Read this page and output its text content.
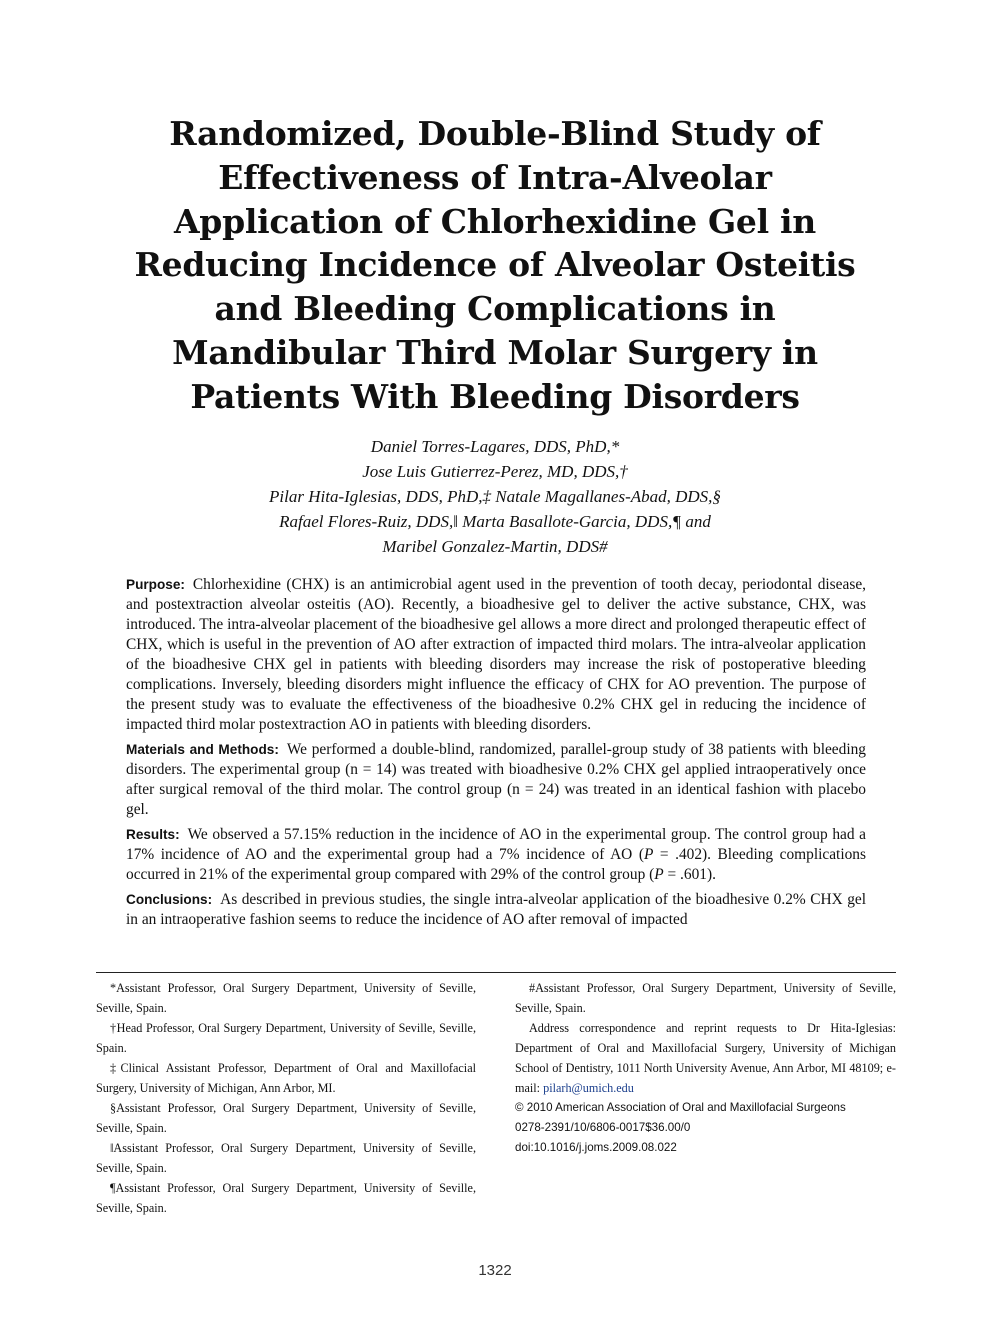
Randomized, Double-Blind Study of
Effectiveness of Intra-Alveolar
Application of Chlorhexidine Gel in
Reducing Incidence of Alveolar Osteitis
and Bleeding Complications in
Mandibular Third Molar Surgery in
Patients With Bleeding Disorders
Daniel Torres-Lagares, DDS, PhD,*
Jose Luis Gutierrez-Perez, MD, DDS,†
Pilar Hita-Iglesias, DDS, PhD,‡ Natale Magallanes-Abad, DDS,§
Rafael Flores-Ruiz, DDS,‖ Marta Basallote-Garcia, DDS,¶ and
Maribel Gonzalez-Martin, DDS#

Purpose: Chlorhexidine (CHX) is an antimicrobial agent used in the prevention of tooth decay, periodontal disease, and postextraction alveolar osteitis (AO). Recently, a bioadhesive gel to deliver the active substance, CHX, was introduced. The intra-alveolar placement of the bioadhesive gel allows a more direct and prolonged therapeutic effect of CHX, which is useful in the prevention of AO after extraction of impacted third molars. The intra-alveolar application of the bioadhesive CHX gel in patients with bleeding disorders may increase the risk of postoperative bleeding complications. Inversely, bleeding disorders might influence the efficacy of CHX for AO prevention. The purpose of the present study was to evaluate the effectiveness of the bioadhesive 0.2% CHX gel in reducing the incidence of impacted third molar postextraction AO in patients with bleeding disorders.

Materials and Methods: We performed a double-blind, randomized, parallel-group study of 38 patients with bleeding disorders. The experimental group (n = 14) was treated with bioadhesive 0.2% CHX gel applied intraoperatively once after surgical removal of the third molar. The control group (n = 24) was treated in an identical fashion with placebo gel.

Results: We observed a 57.15% reduction in the incidence of AO in the experimental group. The control group had a 17% incidence of AO and the experimental group had a 7% incidence of AO (P = .402). Bleeding complications occurred in 21% of the experimental group compared with 29% of the control group (P = .601).

Conclusions: As described in previous studies, the single intra-alveolar application of the bioadhesive 0.2% CHX gel in an intraoperative fashion seems to reduce the incidence of AO after removal of impacted

*Assistant Professor, Oral Surgery Department, University of Seville, Seville, Spain.

†Head Professor, Oral Surgery Department, University of Seville, Seville, Spain.

‡Clinical Assistant Professor, Department of Oral and Maxillofacial Surgery, University of Michigan, Ann Arbor, MI.

§Assistant Professor, Oral Surgery Department, University of Seville, Seville, Spain.

‖Assistant Professor, Oral Surgery Department, University of Seville, Seville, Spain.

¶Assistant Professor, Oral Surgery Department, University of Seville, Seville, Spain.

#Assistant Professor, Oral Surgery Department, University of Seville, Seville, Spain.

Address correspondence and reprint requests to Dr Hita-Iglesias: Department of Oral and Maxillofacial Surgery, University of Michigan School of Dentistry, 1011 North University Avenue, Ann Arbor, MI 48109; e-mail: pilarh@umich.edu

© 2010 American Association of Oral and Maxillofacial Surgeons

0278-2391/10/6806-0017$36.00/0

doi:10.1016/j.joms.2009.08.022

1322
